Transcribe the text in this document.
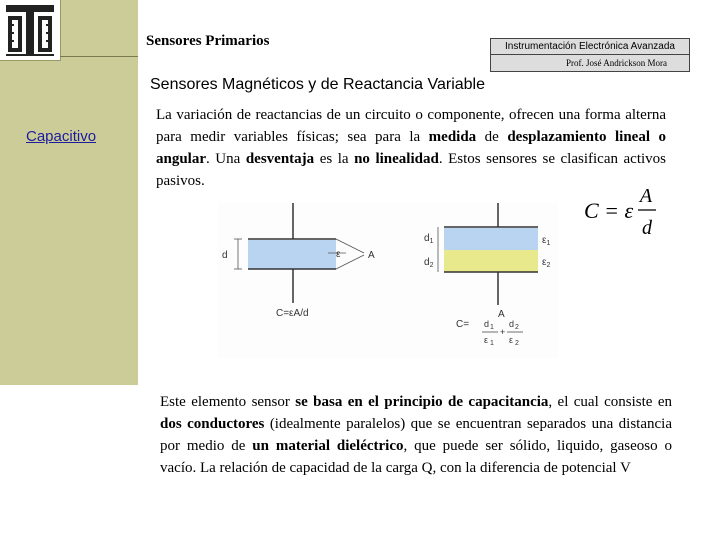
Sensores Primarios	Instrumentación Electrónica Avanzada
Prof. José Andrickson Mora
Sensores Magnéticos y de Reactancia Variable
Capacitivo

La variación de reactancias de un circuito o componente, ofrecen una forma alterna para medir variables físicas; sea para la medida de desplazamiento lineal o angular. Una desventaja es la no linealidad. Estos sensores se clasifican activos pasivos.

C = ε
A
d
d	ε	A
C=εA/d
$d_1$
$d_2$
$\varepsilon_1$
$\varepsilon_2$
A
C= d 1
ε 1
+
d 2
ε 2

Este elemento sensor se basa en el principio de capacitancia, el cual consiste en dos conductores (idealmente paralelos) que se encuentran separados una distancia por medio de un material dieléctrico, que puede ser sólido, liquido, gaseoso o vacío. La relación de capacidad de la carga Q, con la diferencia de potencial V
